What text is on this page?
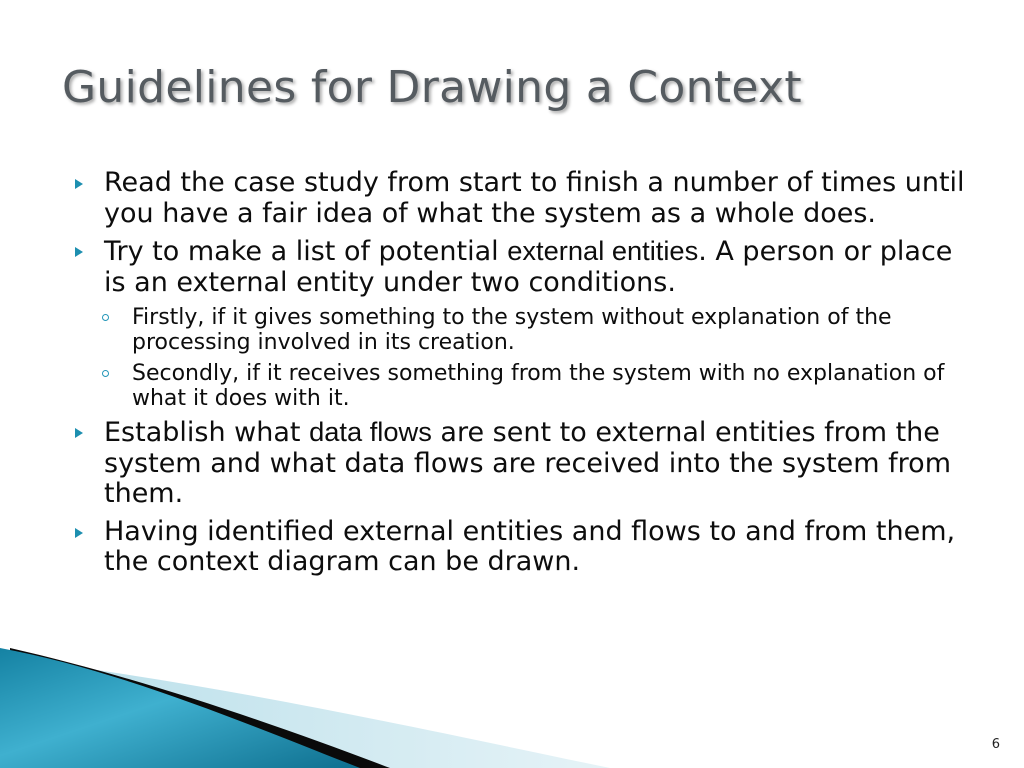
Guidelines for Drawing a Context
Read the case study from start to finish a number of times until you have a fair idea of what the system as a whole does.
Try to make a list of potential external entities. A person or place is an external entity under two conditions.
Firstly, if it gives something to the system without explanation of the processing involved in its creation.
Secondly, if it receives something from the system with no explanation of what it does with it.
Establish what data flows are sent to external entities from the system and what data flows are received into the system from them.
Having identified external entities and flows to and from them, the context diagram can be drawn.
6
